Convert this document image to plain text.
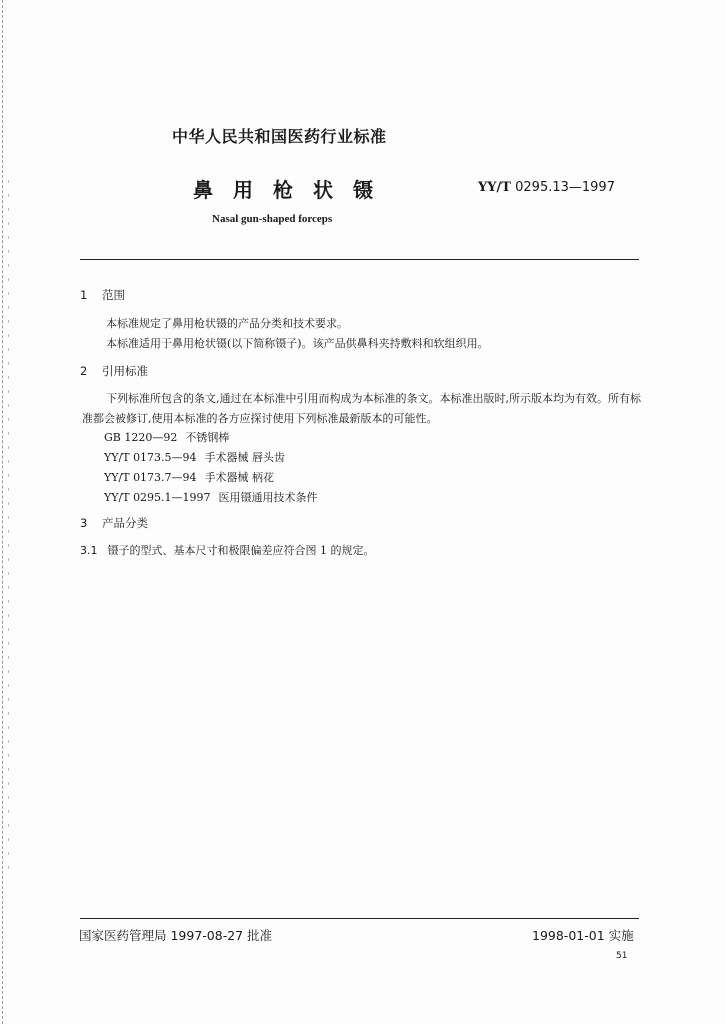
中华人民共和国医药行业标准
鼻用枪状镊	YY/T 0295.13—1997
Nasal gun-shaped forceps
1 范围

本标准规定了鼻用枪状镊的产品分类和技术要求。

本标准适用于鼻用枪状镊(以下简称镊子)。该产品供鼻科夹持敷料和软组织用。

2 引用标准

下列标准所包含的条文,通过在本标准中引用而构成为本标准的条文。本标准出版时,所示版本均为有效。所有标准都会被修订,使用本标准的各方应探讨使用下列标准最新版本的可能性。

GB 1220—92 不锈钢棒
YY/T 0173.5—94 手术器械 唇头齿
YY/T 0173.7—94 手术器械 柄花
YY/T 0295.1—1997 医用镊通用技术条件
3 产品分类
3.1 镊子的型式、基本尺寸和极限偏差应符合图 1 的规定。
国家医药管理局 1997-08-27 批准	1998-01-01 实施
51
